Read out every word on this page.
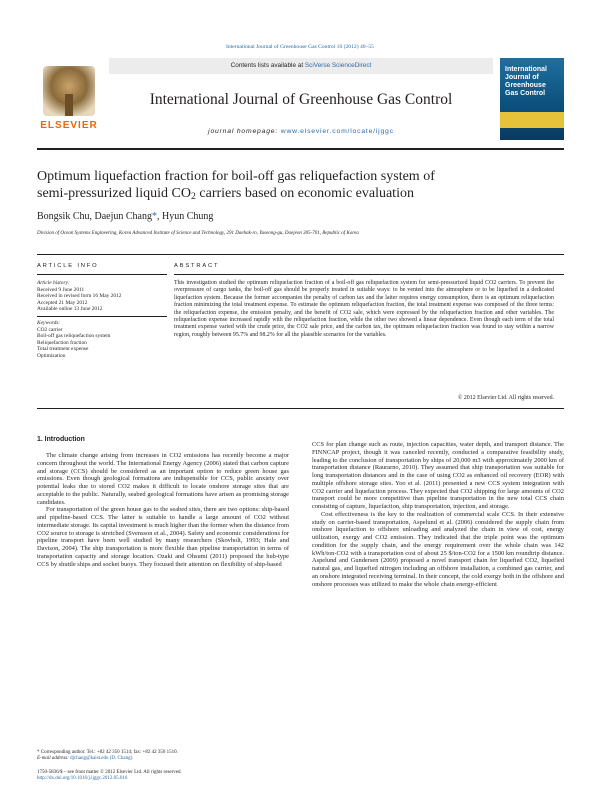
International Journal of Greenhouse Gas Control 10 (2012) 40–55
ELSEVIER
Contents lists available at SciVerse ScienceDirect
International Journal of Greenhouse Gas Control
journal homepage: www.elsevier.com/locate/ijggc
International Journal of Greenhouse Gas Control
Optimum liquefaction fraction for boil-off gas reliquefaction system of
semi-pressurized liquid $CO_2$ carriers based on economic evaluation
Bongsik Chu, Daejun Chang*, Hyun Chung
Division of Ocean Systems Engineering, Korea Advanced Institute of Science and Technology, 291 Daehak-ro, Yuseong-gu, Daejeon 305-701, Republic of Korea
ARTICLE INFO	ABSTRACT
Article history:
Received 9 June 2011
Received in revised form 16 May 2012
Accepted 21 May 2012
Available online 13 June 2012
Keywords:
CO2 carrier
Boil-off gas reliquefaction system
Reliquefaction fraction
Total treatment expense
Optimization
This investigation studied the optimum reliquefaction fraction of a boil-off gas reliquefaction system for semi-pressurized liquid CO2 carriers. To prevent the overpressure of cargo tanks, the boil-off gas should be properly treated in suitable ways: to be vented into the atmosphere or to be liquefied in a dedicated liquefaction system. Because the former accompanies the penalty of carbon tax and the latter requires energy consumption, there is an optimum reliquefaction fraction minimizing the total treatment expense. To estimate the optimum reliquefaction fraction, the total treatment expense was composed of the three terms: the reliquefaction expense, the emission penalty, and the benefit of CO2 sale, which were expressed by the reliquefaction fraction and other variables. The reliquefaction expense increased rapidly with the reliquefaction fraction, while the other two showed a linear dependence. Even though each term of the total treatment expense varied with the crude price, the CO2 sale price, and the carbon tax, the optimum reliquefaction fraction was found to stay within a narrow region, roughly between 95.7% and 98.2% for all the plausible scenarios for the variables.
© 2012 Elsevier Ltd. All rights reserved.
1. Introduction

The climate change arising from increases in CO2 emissions has recently become a major concern throughout the world. The International Energy Agency (2006) stated that carbon capture and storage (CCS) should be considered as an important option to reduce green house gas emissions. Even though geological formations are indispensible for CCS, public anxiety over potential leaks due to stored CO2 makes it difficult to locate onshore storage sites that are acceptable to the public. Naturally, seabed geological formations have arisen as promising storage candidates.

For transportation of the green house gas to the seabed sites, there are two options: ship-based and pipeline-based CCS. The latter is suitable to handle a large amount of CO2 without intermediate storage. Its capital investment is much higher than the former when the distance from CO2 source to storage is stretched (Svensson et al., 2004). Safety and economic considerations for pipeline transport have been well studied by many researchers (Skovholt, 1993; Hale and Davison, 2004). The ship transportation is more flexible than pipeline transportation in terms of transportation capacity and storage location. Ozaki and Ohsumi (2011) proposed the hub-type CCS by shuttle ships and socket buoys. They focused their attention on flexibility of ship-based

CCS for plan change such as route, injection capacities, water depth, and transport distance. The FINNCAP project, though it was canceled recently, conducted a comparative feasibility study, leading to the conclusion of transportation by ships of 20,000 m3 with approximately 2000 km of transportation distance (Raurarno, 2010). They assumed that ship transportation was suitable for long transportation distances and in the case of using CO2 as enhanced oil recovery (EOR) with multiple offshore storage sites. Yoo et al. (2011) presented a new CCS system integration with CO2 carrier and liquefaction process. They expected that CO2 shipping for large amounts of CO2 transport could be more competitive than pipeline transportation in the new total CCS chain consisting of capture, liquefaction, ship transportation, injection, and storage.

Cost effectiveness is the key to the realization of commercial scale CCS. In their extensive study on carrier-based transportation, Aspelund et al. (2006) considered the supply chain from onshore liquefaction to offshore unloading and analyzed the chain in view of cost, energy utilization, exergy and CO2 emission. They indicated that the triple point was the optimum condition for the supply chain, and the energy requirement over the whole chain was 142 kWh/ton-CO2 with a transportation cost of about 25 $/ton-CO2 for a 1500 km roundtrip distance. Aspelund and Gundersen (2009) proposed a novel transport chain for liquefied CO2, liquefied natural gas, and liquefied nitrogen including an offshore installation, a combined gas carrier, and an onshore integrated receiving terminal. In their concept, the cold exergy both in the offshore and onshore processes was utilized to make the whole chain energy-efficient

* Corresponding author. Tel.: +82 42 350 1514; fax: +82 42 350 1510.
E-mail address: djchang@kaist.edu (D. Chang).
1750-5836/$ – see front matter © 2012 Elsevier Ltd. All rights reserved.
http://dx.doi.org/10.1016/j.ijggc.2012.05.016
